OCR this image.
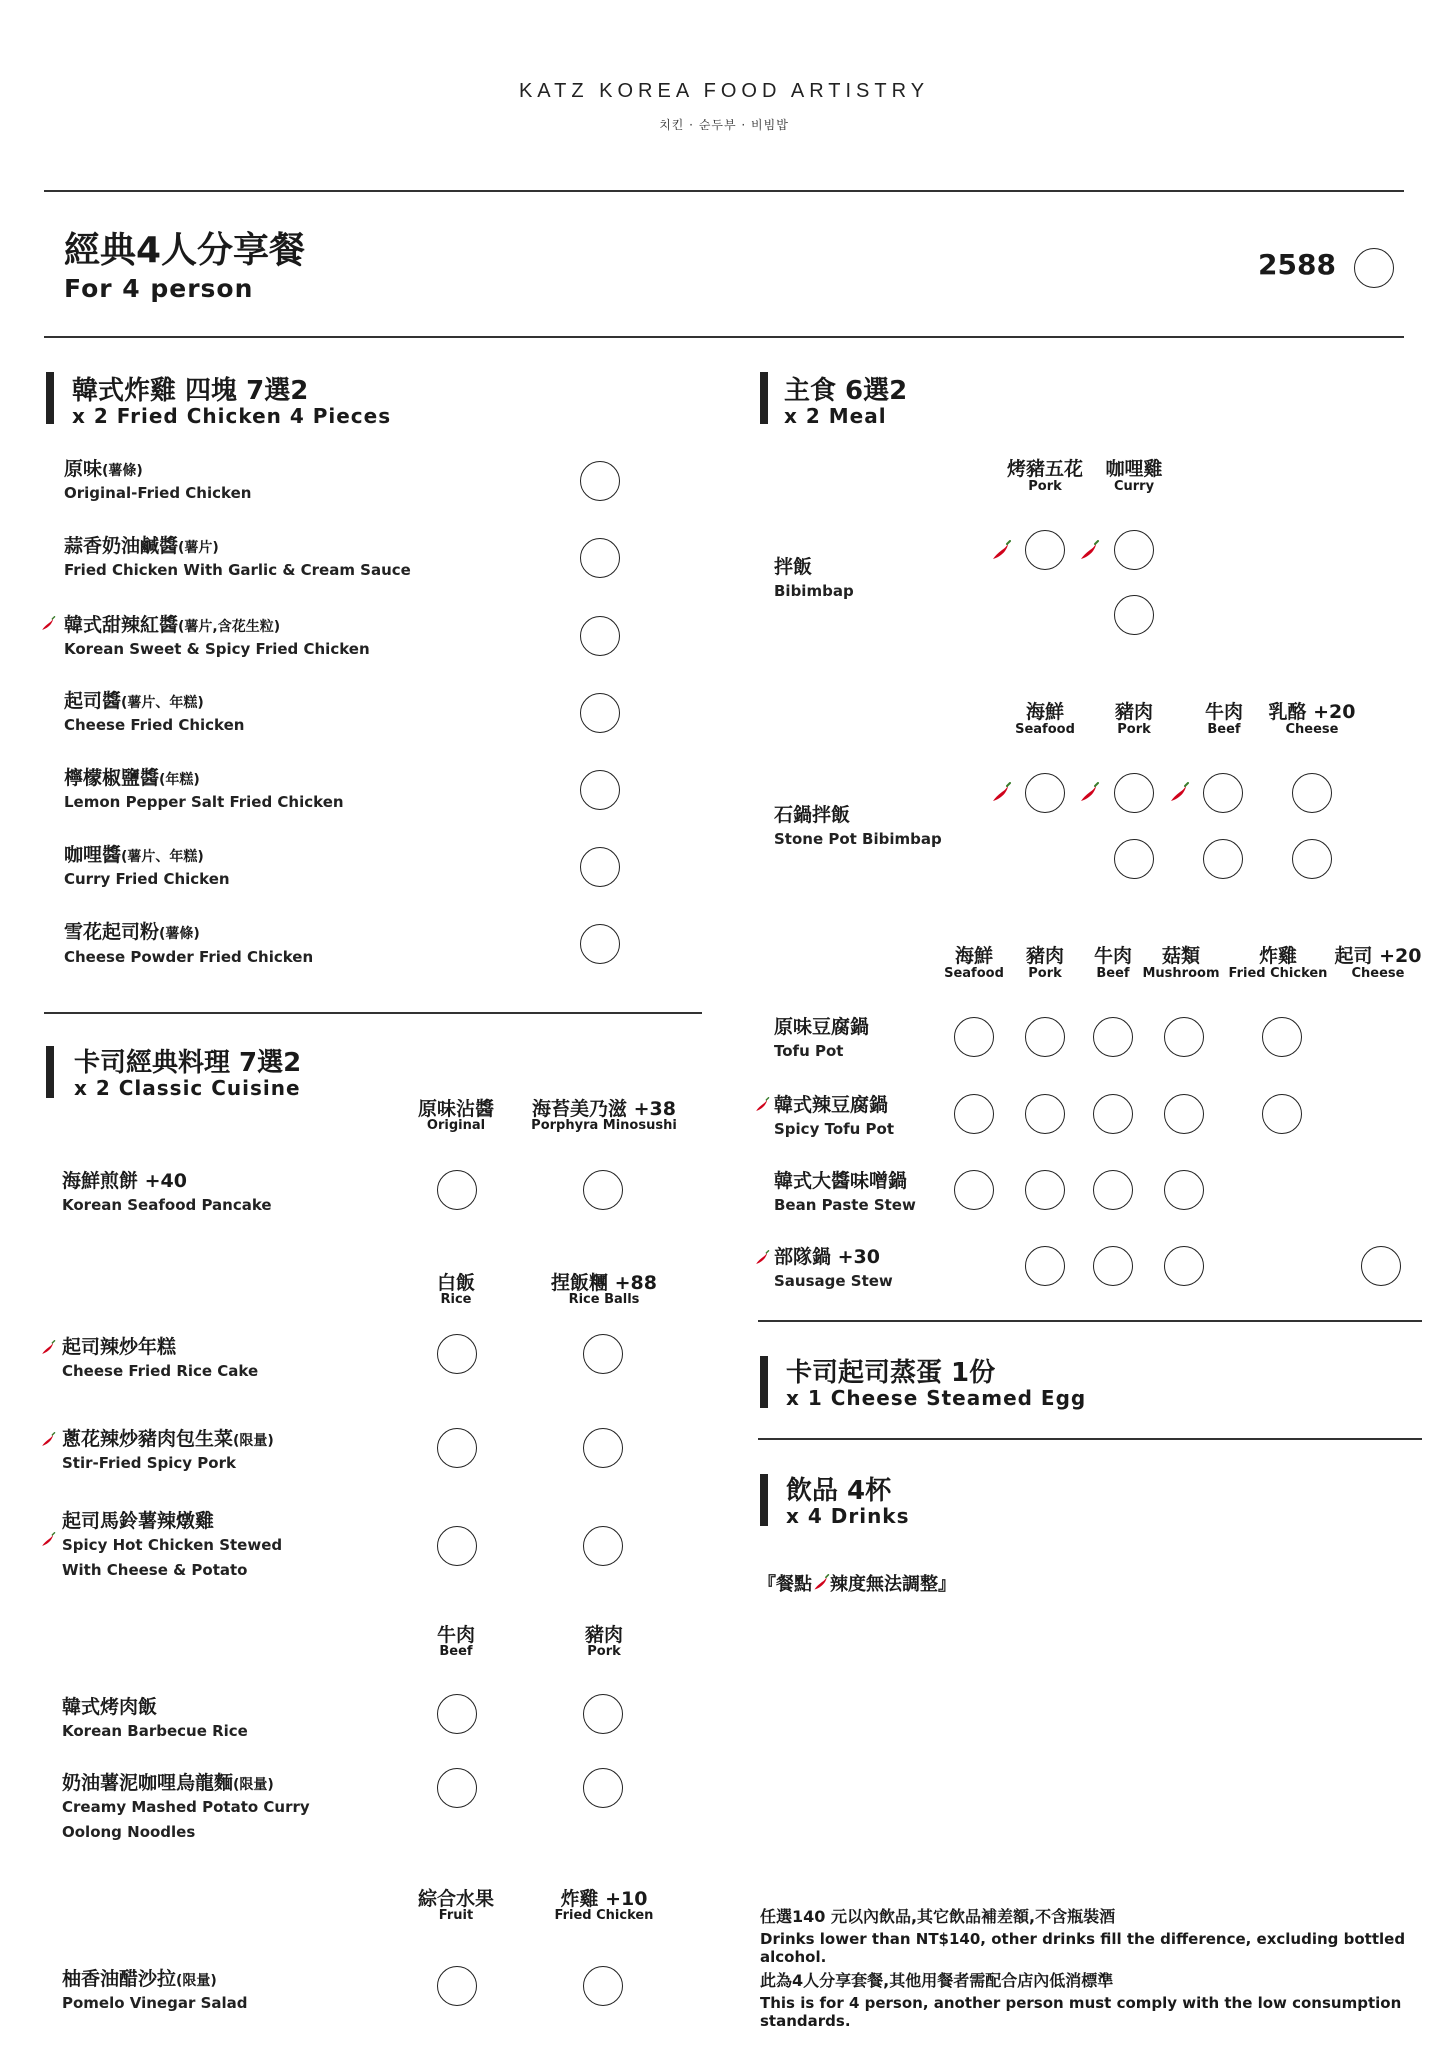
KATZ KOREA FOOD ARTISTRY
치킨 · 순두부 · 비빔밥
經典4人分享餐
For 4 person
2588
韓式炸雞 四塊 7選2
x 2 Fried Chicken 4 Pieces
原味(薯條)
Original-Fried Chicken
蒜香奶油鹹醬(薯片)
Fried Chicken With Garlic & Cream Sauce
韓式甜辣紅醬(薯片,含花生粒)
Korean Sweet & Spicy Fried Chicken
起司醬(薯片、年糕)
Cheese Fried Chicken
檸檬椒鹽醬(年糕)
Lemon Pepper Salt Fried Chicken
咖哩醬(薯片、年糕)
Curry Fried Chicken
雪花起司粉(薯條)
Cheese Powder Fried Chicken
卡司經典料理 7選2
x 2 Classic Cuisine
原味沾醬
Original
海苔美乃滋 +38
Porphyra Minosushi
海鮮煎餅 +40
Korean Seafood Pancake
白飯
Rice
捏飯糰 +88
Rice Balls
起司辣炒年糕
Cheese Fried Rice Cake
蔥花辣炒豬肉包生菜(限量)
Stir-Fried Spicy Pork
起司馬鈴薯辣燉雞
Spicy Hot Chicken Stewed
With Cheese & Potato
牛肉
Beef
豬肉
Pork
韓式烤肉飯
Korean Barbecue Rice
奶油薯泥咖哩烏龍麵(限量)
Creamy Mashed Potato Curry
Oolong Noodles
綜合水果
Fruit
炸雞 +10
Fried Chicken
柚香油醋沙拉(限量)
Pomelo Vinegar Salad
主食 6選2
x 2 Meal
烤豬五花
Pork
咖哩雞
Curry
拌飯
Bibimbap
海鮮
Seafood
豬肉
Pork
牛肉
Beef
乳酪 +20
Cheese
石鍋拌飯
Stone Pot Bibimbap
海鮮
Seafood
豬肉
Pork
牛肉
Beef
菇類
Mushroom
炸雞
Fried Chicken
起司 +20
Cheese
原味豆腐鍋
Tofu Pot
韓式辣豆腐鍋
Spicy Tofu Pot
韓式大醬味噌鍋
Bean Paste Stew
部隊鍋 +30
Sausage Stew
卡司起司蒸蛋 1份
x 1 Cheese Steamed Egg
飲品 4杯
x 4 Drinks
『餐點 辣度無法調整』
任選140 元以內飲品,其它飲品補差額,不含瓶裝酒
Drinks lower than NT$140, other drinks fill the difference, excluding bottled alcohol.
此為4人分享套餐,其他用餐者需配合店內低消標準
This is for 4 person, another person must comply with the low consumption standards.
